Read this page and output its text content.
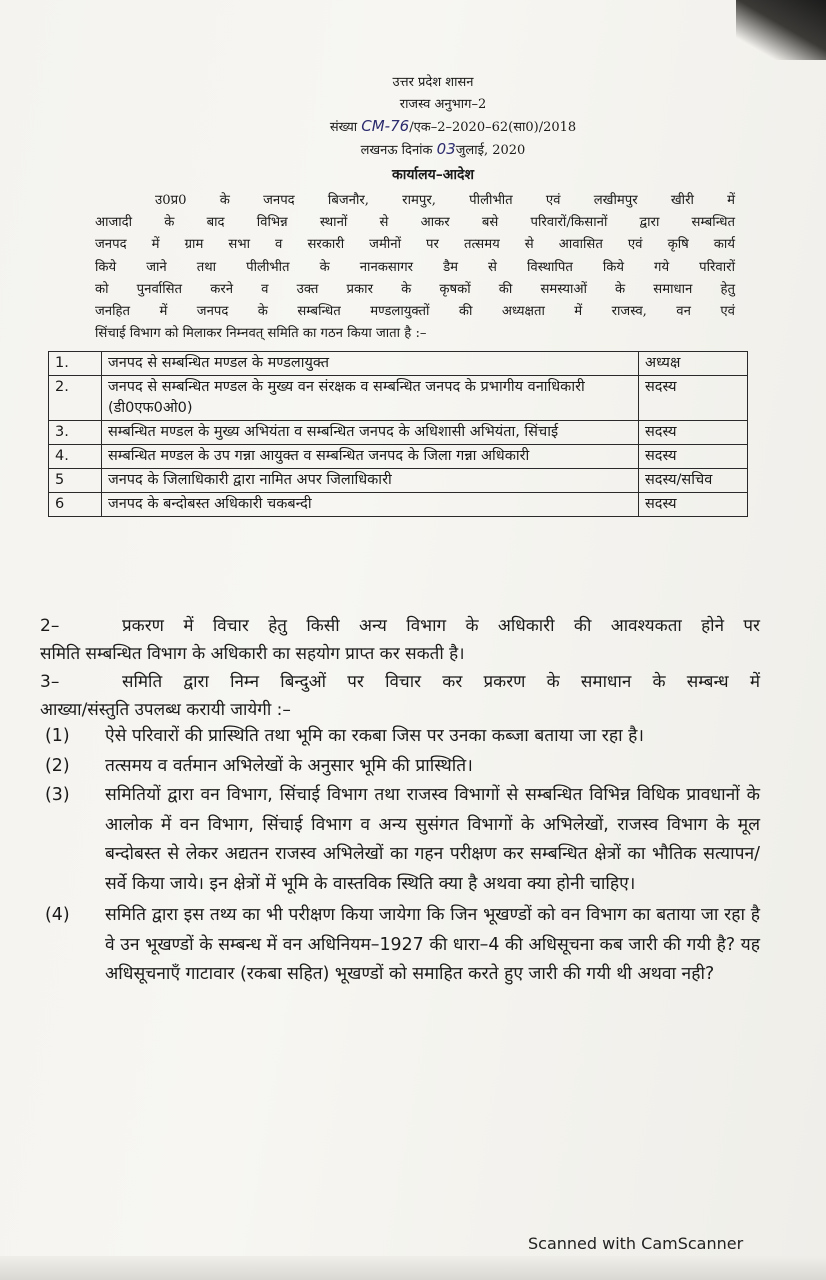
उत्तर प्रदेश शासन
राजस्व अनुभाग–2
संख्या CM-76/एक–2–2020–62(सा0)/2018
लखनऊ दिनांक 03जुलाई, 2020
कार्यालय–आदेश

उ0प्र0 के जनपद बिजनौर, रामपुर, पीलीभीत एवं लखीमपुर खीरी में

आजादी के बाद विभिन्न स्थानों से आकर बसे परिवारों/किसानों द्वारा सम्बन्धित

जनपद में ग्राम सभा व सरकारी जमीनों पर तत्समय से आवासित एवं कृषि कार्य

किये जाने तथा पीलीभीत के नानकसागर डैम से विस्थापित किये गये परिवारों

को पुनर्वासित करने व उक्त प्रकार के कृषकों की समस्याओं के समाधान हेतु

जनहित में जनपद के सम्बन्धित मण्डलायुक्तों की अध्यक्षता में राजस्व, वन एवं

सिंचाई विभाग को मिलाकर निम्नवत् समिति का गठन किया जाता है :–

1.	जनपद से सम्बन्धित मण्डल के मण्डलायुक्त	अध्यक्ष
2.	जनपद से सम्बन्धित मण्डल के मुख्य वन संरक्षक व सम्बन्धित जनपद के प्रभागीय वनाधिकारी (डी0एफ0ओ0)	सदस्य
3.	सम्बन्धित मण्डल के मुख्य अभियंता व सम्बन्धित जनपद के अधिशासी अभियंता, सिंचाई	सदस्य
4.	सम्बन्धित मण्डल के उप गन्ना आयुक्त व सम्बन्धित जनपद के जिला गन्ना अधिकारी	सदस्य
5	जनपद के जिलाधिकारी द्वारा नामित अपर जिलाधिकारी	सदस्य/सचिव
6	जनपद के बन्दोबस्त अधिकारी चकबन्दी	सदस्य

2–	प्रकरण में विचार हेतु किसी अन्य विभाग के अधिकारी की आवश्यकता होने पर

समिति सम्बन्धित विभाग के अधिकारी का सहयोग प्राप्त कर सकती है।

3–	समिति द्वारा निम्न बिन्दुओं पर विचार कर प्रकरण के समाधान के सम्बन्ध में

आख्या/संस्तुति उपलब्ध करायी जायेगी :–

(1)	ऐसे परिवारों की प्रास्थिति तथा भूमि का रकबा जिस पर उनका कब्जा बताया जा रहा है।
(2)	तत्समय व वर्तमान अभिलेखों के अनुसार भूमि की प्रास्थिति।
(3)	समितियों द्वारा वन विभाग, सिंचाई विभाग तथा राजस्व विभागों से सम्बन्धित विभिन्न विधिक प्रावधानों के आलोक में वन विभाग, सिंचाई विभाग व अन्य सुसंगत विभागों के अभिलेखों, राजस्व विभाग के मूल बन्दोबस्त से लेकर अद्यतन राजस्व अभिलेखों का गहन परीक्षण कर सम्बन्धित क्षेत्रों का भौतिक सत्यापन/सर्वे किया जाये। इन क्षेत्रों में भूमि के वास्तविक स्थिति क्या है अथवा क्या होनी चाहिए।
(4)	समिति द्वारा इस तथ्य का भी परीक्षण किया जायेगा कि जिन भूखण्डों को वन विभाग का बताया जा रहा है वे उन भूखण्डों के सम्बन्ध में वन अधिनियम–1927 की धारा–4 की अधिसूचना कब जारी की गयी है? यह अधिसूचनाएँ गाटावार (रकबा सहित) भूखण्डों को समाहित करते हुए जारी की गयी थी अथवा नही?
Scanned with CamScanner
